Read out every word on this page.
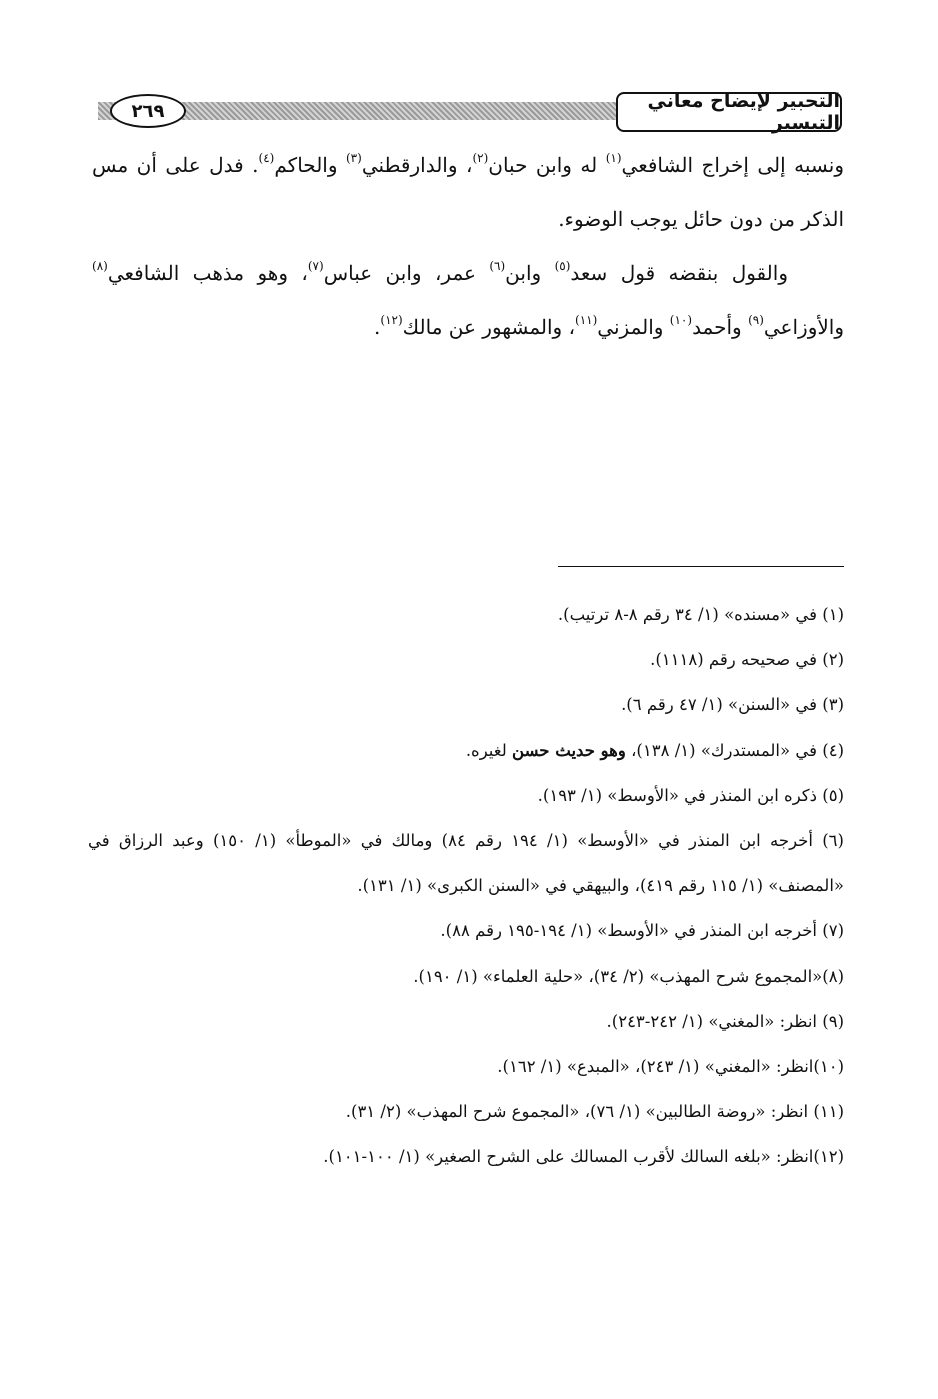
٢٦٩	التحبير لإيضاح معاني التيسير

ونسبه إلى إخراج الشافعي$^{(١)}$ له وابن حبان$^{(٢)}$، والدارقطني$^{(٣)}$ والحاكم$^{(٤)}$. فدل على أن مس الذكر من دون حائل يوجب الوضوء.

والقول بنقضه قول سعد$^{(٥)}$ وابن$^{(٦)}$ عمر، وابن عباس$^{(٧)}$، وهو مذهب الشافعي$^{(٨)}$ والأوزاعي$^{(٩)}$ وأحمد$^{(١٠)}$ والمزني$^{(١١)}$، والمشهور عن مالك$^{(١٢)}$.

(١) في «مسنده» (١/ ٣٤ رقم ٨-٨ ترتيب).

(٢) في صحيحه رقم (١١١٨).

(٣) في «السنن» (١/ ٤٧ رقم ٦).

(٤) في «المستدرك» (١/ ١٣٨)، وهو حديث حسن لغيره.

(٥) ذكره ابن المنذر في «الأوسط» (١/ ١٩٣).

(٦) أخرجه ابن المنذر في «الأوسط» (١/ ١٩٤ رقم ٨٤) ومالك في «الموطأ» (١/ ١٥٠) وعبد الرزاق في «المصنف» (١/ ١١٥ رقم ٤١٩)، والبيهقي في «السنن الكبرى» (١/ ١٣١).

(٧) أخرجه ابن المنذر في «الأوسط» (١/ ١٩٤-١٩٥ رقم ٨٨).

(٨)«المجموع شرح المهذب» (٢/ ٣٤)، «حلية العلماء» (١/ ١٩٠).

(٩) انظر: «المغني» (١/ ٢٤٢-٢٤٣).

(١٠)انظر: «المغني» (١/ ٢٤٣)، «المبدع» (١/ ١٦٢).

(١١) انظر: «روضة الطالبين» (١/ ٧٦)، «المجموع شرح المهذب» (٢/ ٣١).

(١٢)انظر: «بلغه السالك لأقرب المسالك على الشرح الصغير» (١/ ١٠٠-١٠١).
